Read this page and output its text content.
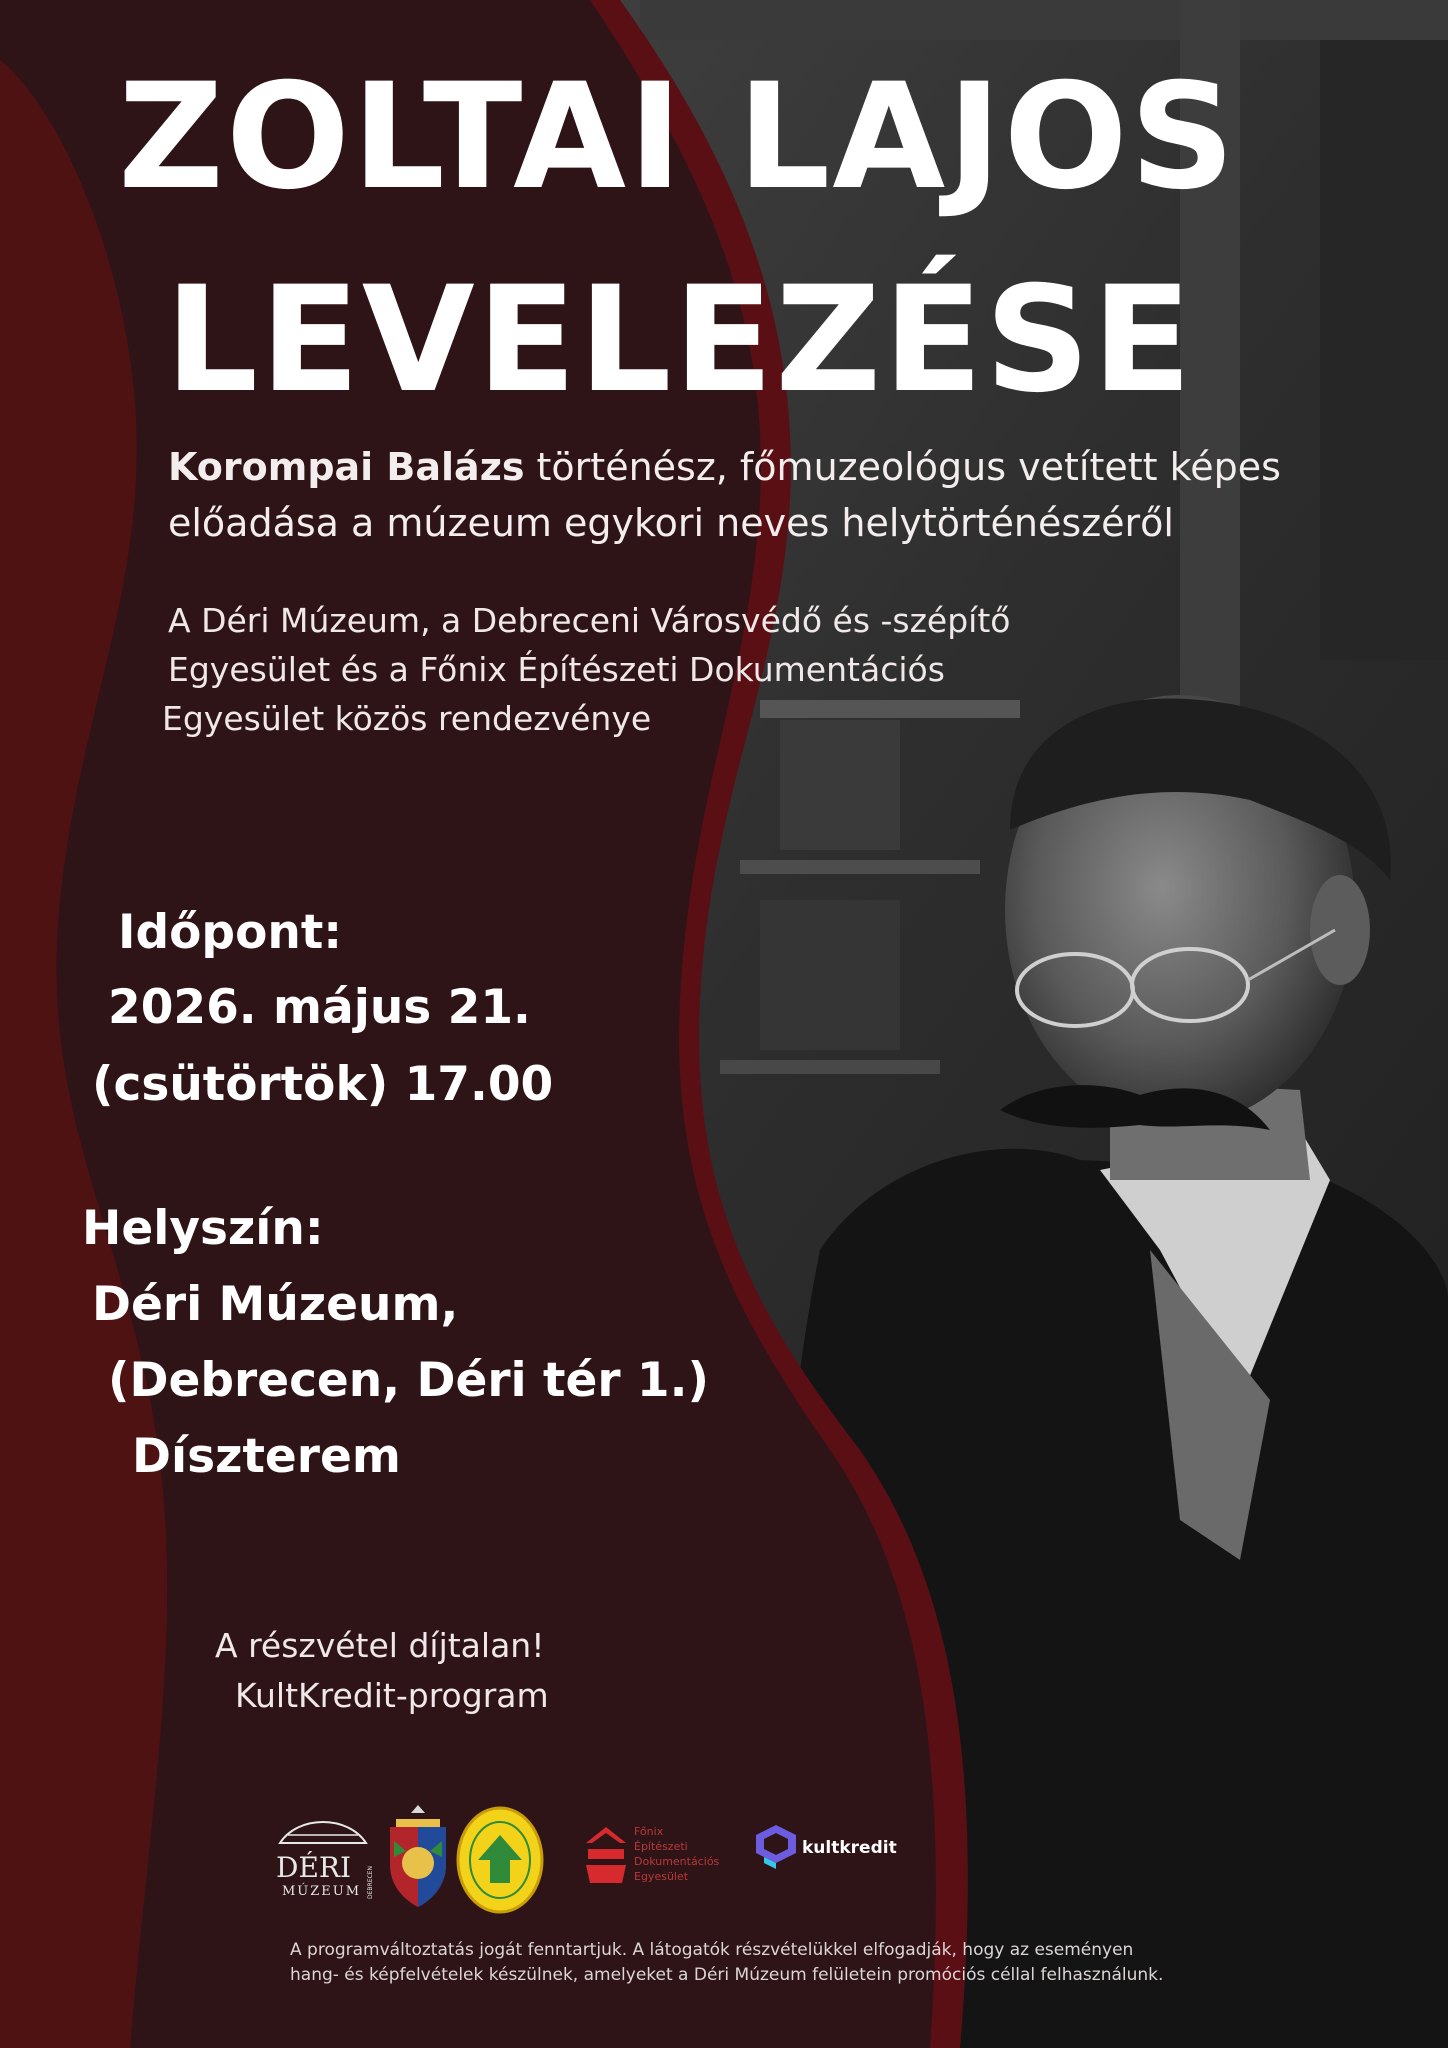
ZOLTAI LAJOS
LEVELEZÉSE
Korompai Balázs történész, főmuzeológus vetített képes
előadása a múzeum egykori neves helytörténészéről
A Déri Múzeum, a Debreceni Városvédő és -szépítő
Egyesület és a Főnix Építészeti Dokumentációs
Egyesület közös rendezvénye
Időpont:
2026. május 21.
(csütörtök) 17.00
Helyszín:
Déri Múzeum,
(Debrecen, Déri tér 1.)
Díszterem
A részvétel díjtalan!
KultKredit-program
DÉRI
MÚZEUM DEBRECEN
Főnix
Építészeti
Dokumentációs
Egyesület
kultkredit
A programváltoztatás jogát fenntartjuk. A látogatók részvételükkel elfogadják, hogy az eseményen
hang- és képfelvételek készülnek, amelyeket a Déri Múzeum felületein promóciós céllal felhasználunk.
